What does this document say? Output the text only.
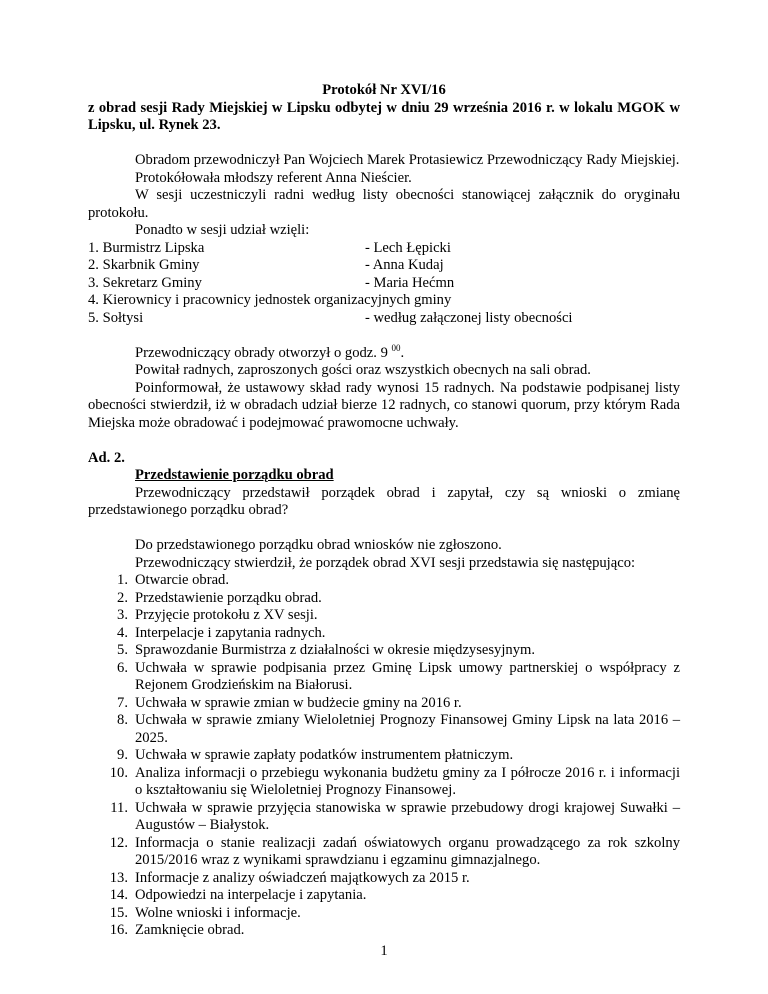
Protokół Nr XVI/16
z obrad sesji Rady Miejskiej w Lipsku odbytej w dniu 29 września 2016 r. w lokalu MGOK w Lipsku, ul. Rynek 23.
Obradom przewodniczył Pan Wojciech Marek Protasiewicz Przewodniczący Rady Miejskiej.
Protokółowała młodszy referent Anna Nieścier.
W sesji uczestniczyli radni według listy obecności stanowiącej załącznik do oryginału protokołu.
Ponadto w sesji udział wzięli:
1. Burmistrz Lipska	- Lech Łępicki
2. Skarbnik Gminy	- Anna Kudaj
3. Sekretarz Gminy	- Maria Hećmn
4. Kierownicy i pracownicy jednostek organizacyjnych gminy
5. Sołtysi	- według załączonej listy obecności
Przewodniczący obrady otworzył o godz. 9 $^{00}$.
Powitał radnych, zaproszonych gości oraz wszystkich obecnych na sali obrad.
Poinformował, że ustawowy skład rady wynosi 15 radnych. Na podstawie podpisanej listy obecności stwierdził, iż w obradach udział bierze 12 radnych, co stanowi quorum, przy którym Rada Miejska może obradować i podejmować prawomocne uchwały.
Ad. 2.
Przedstawienie porządku obrad
Przewodniczący przedstawił porządek obrad i zapytał, czy są wnioski o zmianę przedstawionego porządku obrad?
Do przedstawionego porządku obrad wniosków nie zgłoszono.
Przewodniczący stwierdził, że porządek obrad XVI sesji przedstawia się następująco:
1. Otwarcie obrad.
2. Przedstawienie porządku obrad.
3. Przyjęcie protokołu z XV sesji.
4. Interpelacje i zapytania radnych.
5. Sprawozdanie Burmistrza z działalności w okresie międzysesyjnym.
6. Uchwała w sprawie podpisania przez Gminę Lipsk umowy partnerskiej o współpracy z Rejonem Grodzieńskim na Białorusi.
7. Uchwała w sprawie zmian w budżecie gminy na 2016 r.
8. Uchwała w sprawie zmiany Wieloletniej Prognozy Finansowej Gminy Lipsk na lata 2016 – 2025.
9. Uchwała w sprawie zapłaty podatków instrumentem płatniczym.
10. Analiza informacji o przebiegu wykonania budżetu gminy za I półrocze 2016 r. i informacji o kształtowaniu się Wieloletniej Prognozy Finansowej.
11. Uchwała w sprawie przyjęcia stanowiska w sprawie przebudowy drogi krajowej Suwałki – Augustów – Białystok.
12. Informacja o stanie realizacji zadań oświatowych organu prowadzącego za rok szkolny 2015/2016 wraz z wynikami sprawdzianu i egzaminu gimnazjalnego.
13. Informacje z analizy oświadczeń majątkowych za 2015 r.
14. Odpowiedzi na interpelacje i zapytania.
15. Wolne wnioski i informacje.
16. Zamknięcie obrad.
1
